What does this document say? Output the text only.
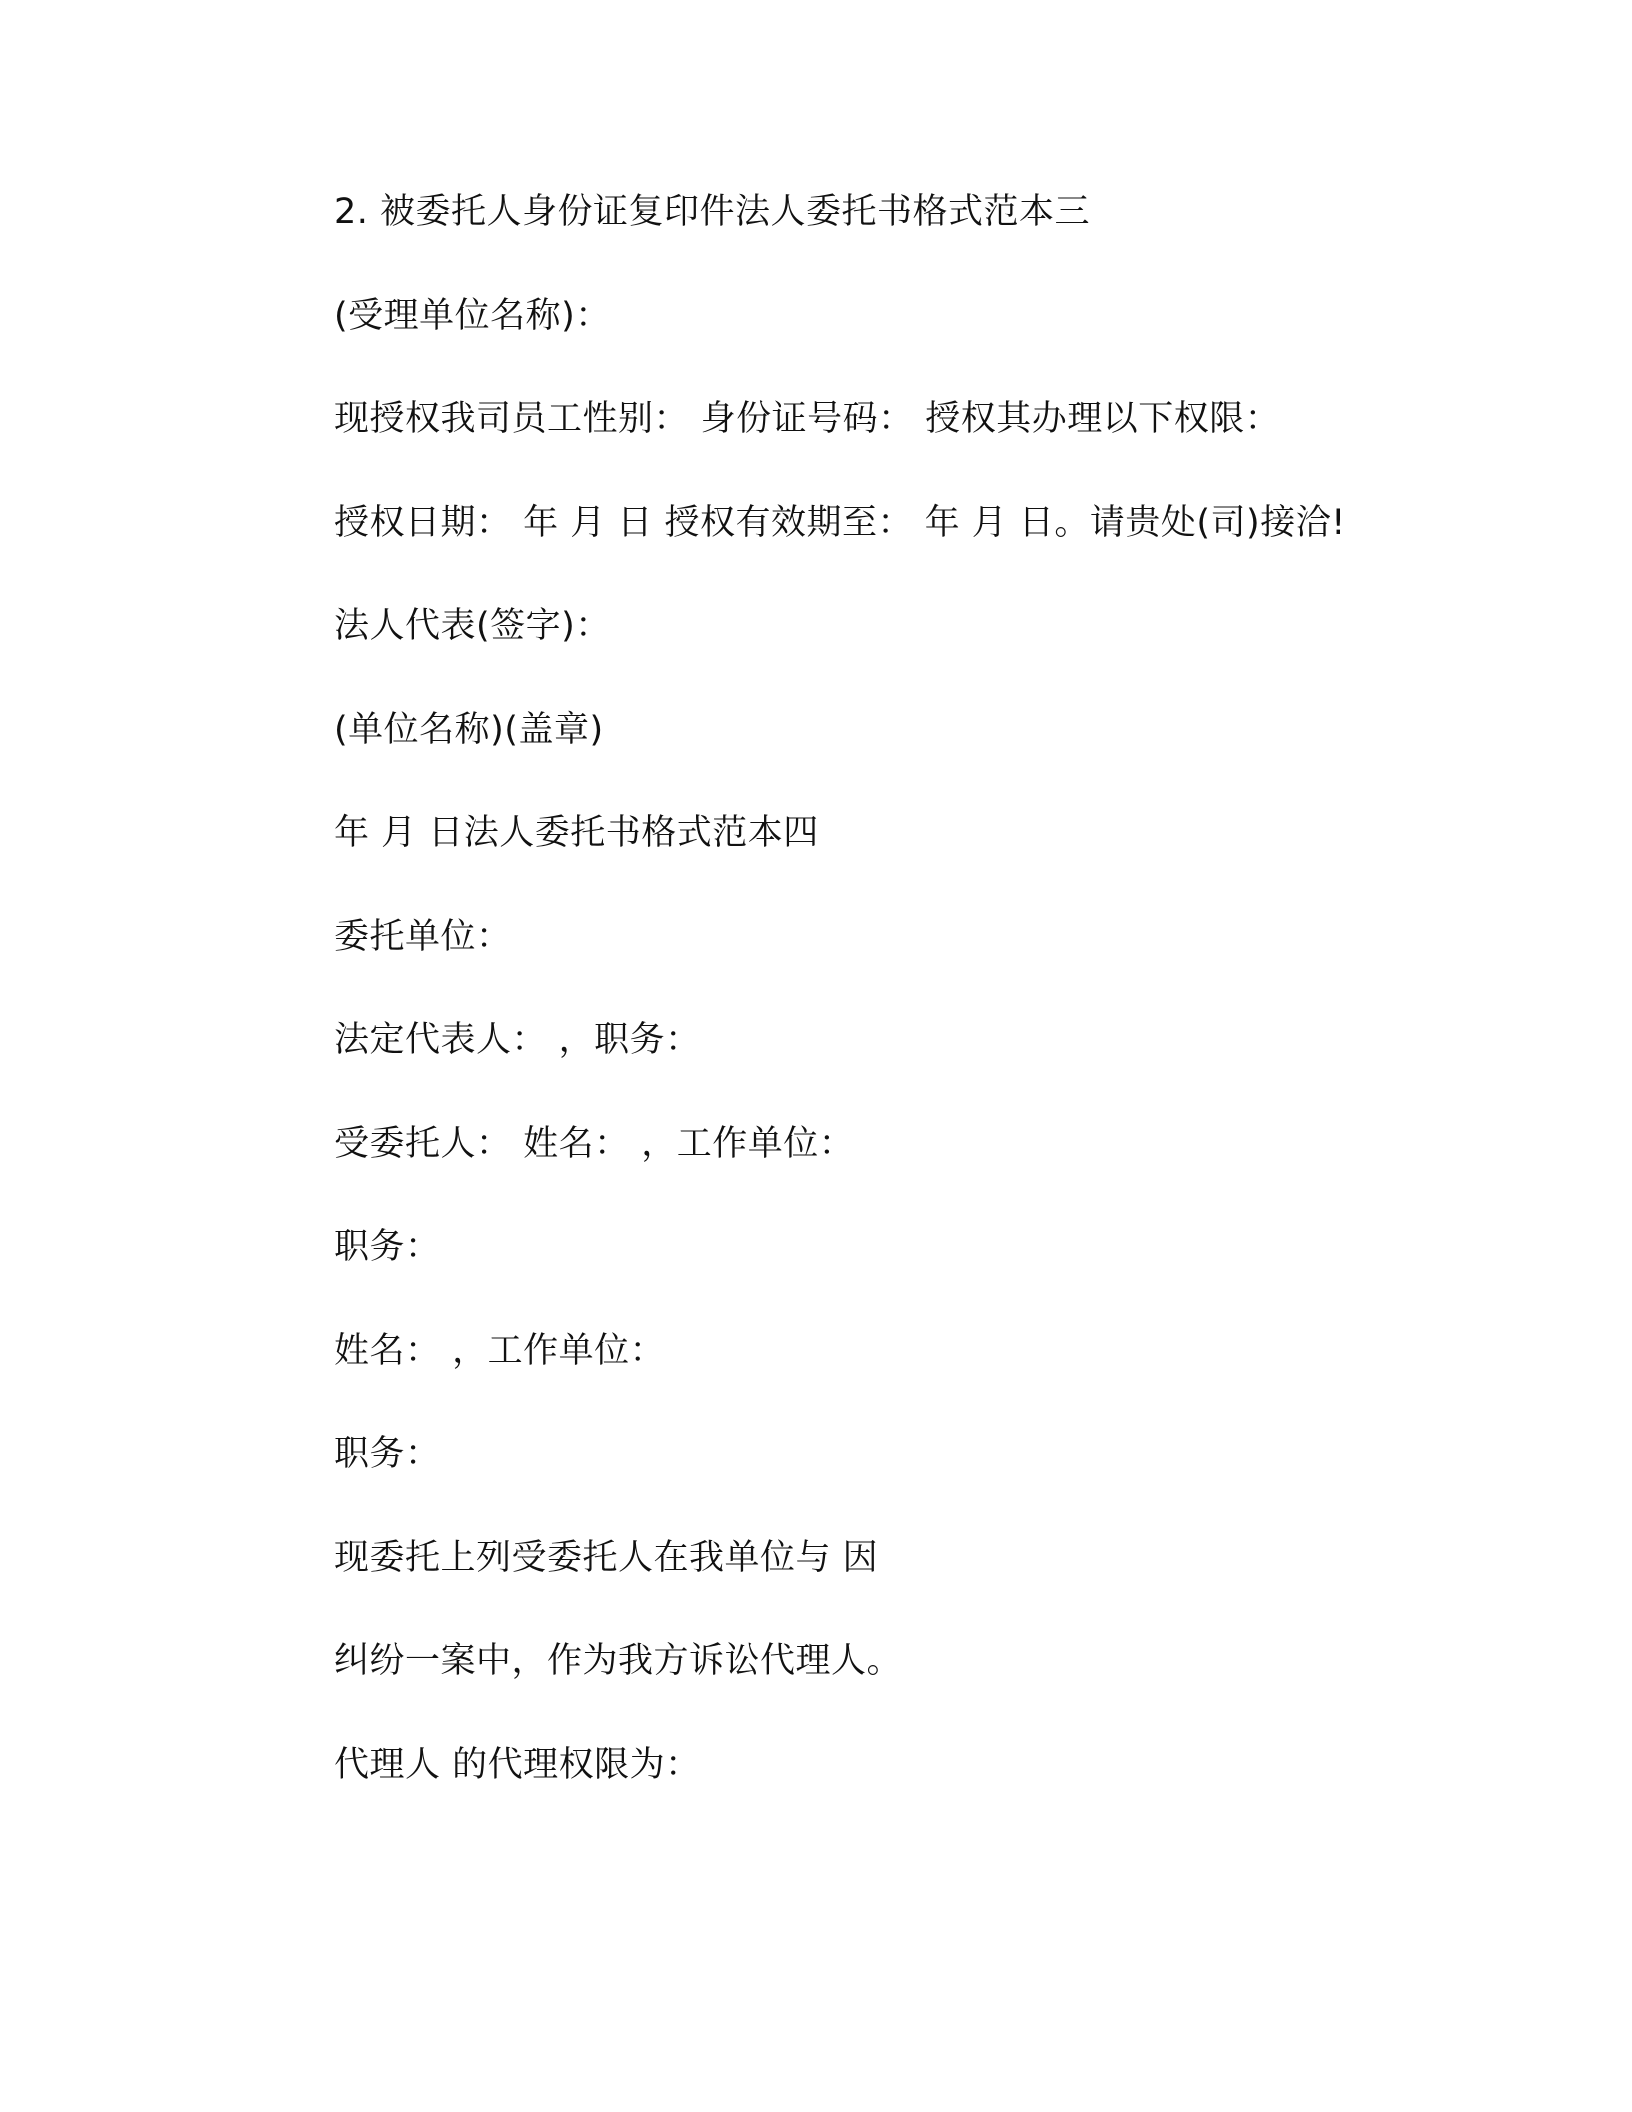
2. 被委托人身份证复印件法人委托书格式范本三
(受理单位名称)：
现授权我司员工性别： 身份证号码： 授权其办理以下权限：
授权日期： 年 月 日 授权有效期至： 年 月 日。请贵处(司)接洽!
法人代表(签字)：
(单位名称)(盖章)
年 月 日法人委托书格式范本四
委托单位：
法定代表人： ，职务：
受委托人： 姓名： ，工作单位：
职务：
姓名： ，工作单位：
职务：
现委托上列受委托人在我单位与 因
纠纷一案中，作为我方诉讼代理人。
代理人 的代理权限为：
